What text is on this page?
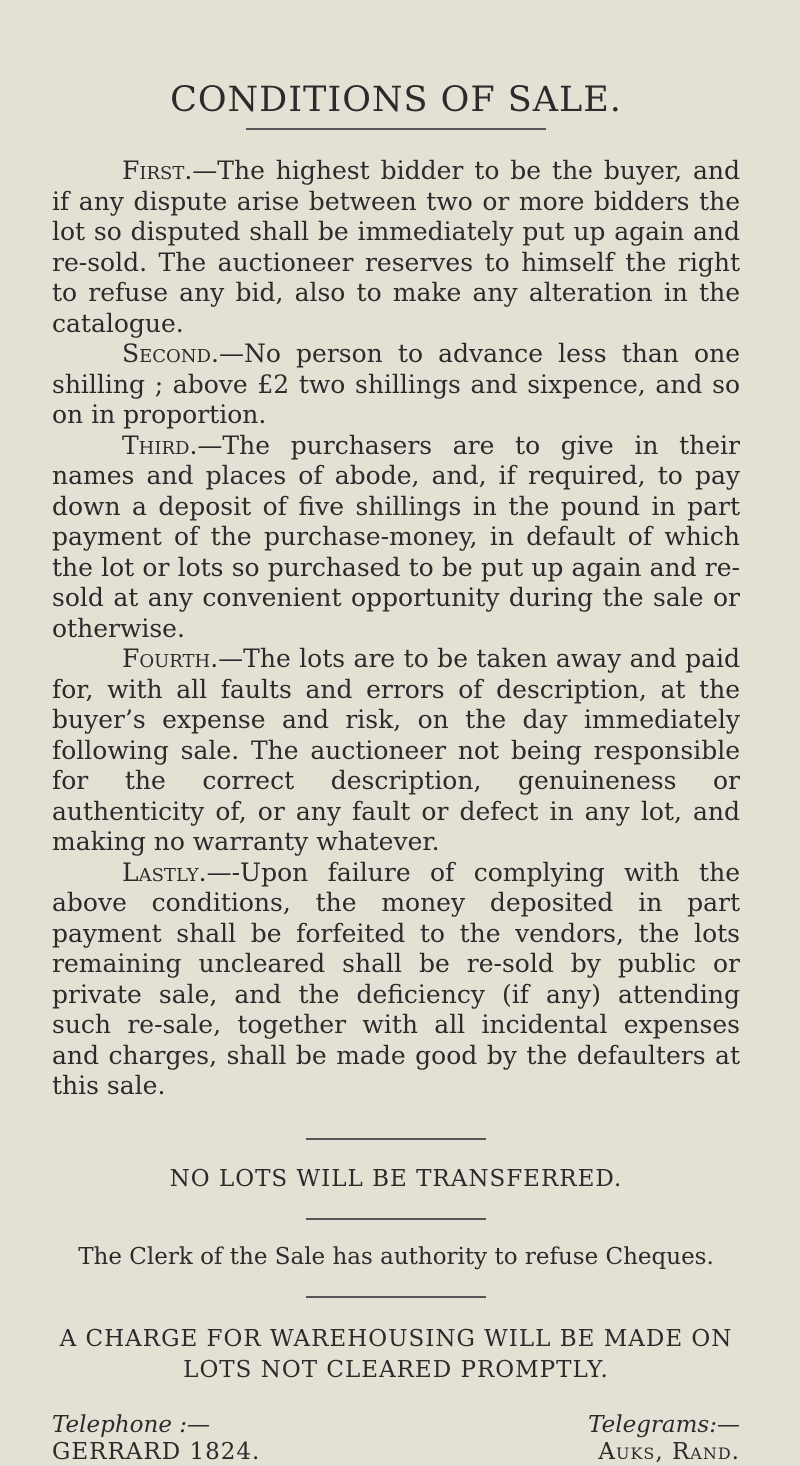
CONDITIONS OF SALE.

First.—The highest bidder to be the buyer, and if any dispute arise between two or more bidders the lot so disputed shall be immediately put up again and re-sold. The auctioneer reserves to himself the right to refuse any bid, also to make any alteration in the catalogue.

Second.—No person to advance less than one shilling ; above £2 two shillings and sixpence, and so on in proportion.

Third.—The purchasers are to give in their names and places of abode, and, if required, to pay down a deposit of five shillings in the pound in part payment of the purchase-money, in default of which the lot or lots so purchased to be put up again and re-sold at any convenient opportunity during the sale or otherwise.

Fourth.—The lots are to be taken away and paid for, with all faults and errors of description, at the buyer’s expense and risk, on the day immediately following sale. The auctioneer not being responsible for the correct description, genuineness or authenticity of, or any fault or defect in any lot, and making no warranty whatever.

Lastly.—-Upon failure of complying with the above conditions, the money deposited in part payment shall be forfeited to the vendors, the lots remaining uncleared shall be re-sold by public or private sale, and the deficiency (if any) attending such re-sale, together with all incidental expenses and charges, shall be made good by the defaulters at this sale.

NO LOTS WILL BE TRANSFERRED.
The Clerk of the Sale has authority to refuse Cheques.
A CHARGE FOR WAREHOUSING WILL BE MADE ON LOTS NOT CLEARED PROMPTLY.
Telephone :—
GERRARD 1824.
Telegrams:—
Auks, Rand.
